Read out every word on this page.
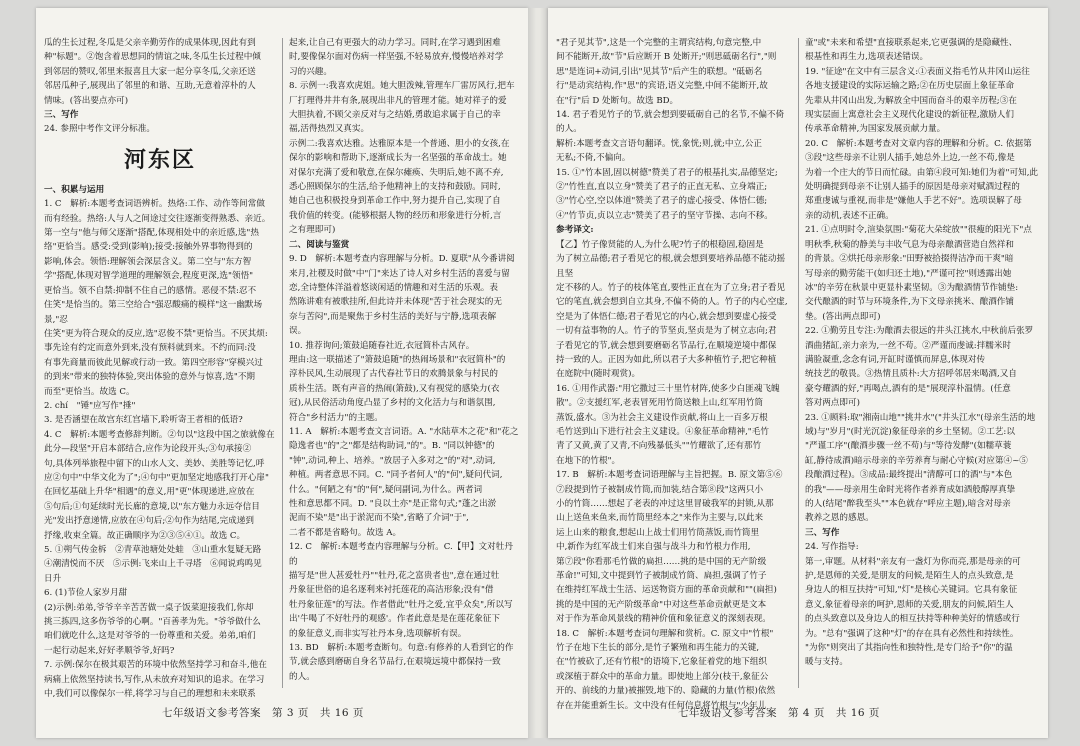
瓜的生长过程,冬瓜是父亲辛勤劳作的成果体现,因此有到

种"标题"。②饱含着思想同的情谊之味,冬瓜生长过程中倾

到邻居的赞叹,邻里来报喜且大家一起分享冬瓜,父亲还送

邻居瓜种子,展现出了邻里的和谐、互助,无意着淳朴的人

情味。(答出要点亦可)

三、写作

24. 参照中考作文评分标准。

河东区

一、积累与运用

1. C　解析:本题考查词语辨析。热烙:工作、动作等间常做

而有经验。热络:人与人之间途过交往逐渐变得熟悉、亲近。

第一空与"他与师父逐渐"搭配,体现相处中的亲近感,选"热

络"更恰当。感受:受到(影响);接受:接触外界事物得到的

影响,体会。领悟:理解领会深层含义。第二空与"东方智

学"搭配,体现对智学道理的理解领会,程度更深,选"领悟"

更恰当。领不自禁:抑制不住自己的感情。恶侵不禁:忍不

住笑"是恰当的。第三空给合"强忍酸痛的模样"这一幽默场景,"忍

住笑"更为符合现众的反应,选"忍俊不禁"更恰当。不厌其烦:

事先诠有约定而意外到来,没有预料就到来。不约而同:没

有事先商量而彼此见解或行动一致。第四空形容"穿模兴过

的到来"带来的独特体验,突出体验的意外与惊喜,选"不期

而至"更恰当。故选 C。

2. chí　"锤"应写作"捶"

3. 是否涵望在故宫东红宫墙下,聆听寄王者相的低语?

4. C　解析:本题考查修辞判断。②句以"这段中国之旅就像在

此分—段坚"开启本部结合,应作为论段开头;③句承接②

句,具体列举旅程中留下的山水人文、美妙、美胜等记忆,呼

应②句中"中华文化为了";④句中"更加坚定地感我打开心扉"

在回忆基础上升华"相遇"的意义,用"更"体现递进,应放在

⑤句后;①句延续时光长廊的意境,以"东方魅力永远夺信目

光"发出抒意递情,应放在④句后;②句作为结尾,完成递到

抒缘,收束全篇。故正确顺序为②③⑤④①。故选 C。

5. ①朔气传金柝　②青草池塘处处蛙　③山重水复疑无路

④潮清悦而不厌　⑤示例:飞来山上千寻塔　⑥闻说鸡鸣见

日升

6. (1)节俭人家岁月甜

(2)示例:弟弟,爷爷辛辛苦苦做一桌子饭菜迎接我们,你却

挑三拣四,这多伤爷爷的心啊。"百善孝为先。"爷爷做什么

咱们就吃什么,这是对爷爷的一份尊重和关爱。弟弟,咱们

一起行动起来,好好孝顺爷爷,好吗?

7. 示例:保尔在极其艰苦的环境中依然坚持学习和奋斗,他在

病痛上依然坚持读书,写作,从未放弃对知识的追求。在学习

中,我们可以像保尔一样,将学习与自己的理想和未来联系

起来,让自己有更强大的动力学习。同时,在学习遇到困难

时,要像保尔面对伤病一样坚强,不轻易放弃,慢慢培养对学

习的兴趣。

8. 示例一:我喜欢虎姐。她大胆泼辣,管理车厂雷厉风行,把车

厂打理得井井有条,展现出非凡的管理才能。她对祥子的爱

大胆执着,不顾父亲反对与之结婚,勇敢追求属于自己的幸

福,活得热烈又真实。

示例二:我喜欢达雅。达雅原本是一个普通、胆小的女孩,在

保尔的影响和帮助下,逐渐成长为一名坚强的革命战士。她

对保尔充满了爱和敬意,在保尔瘫痪、失明后,她不离不弃,

悉心照顾保尔的生活,给予他精神上的支持和鼓励。同时,

她自己也积极投身到革命工作中,努力提升自己,实现了自

我价值的转变。(能够根据人物的经历和形象进行分析,言

之有理即可)

二、阅读与鉴赏

9. D　解析:本题考查内容理解与分析。D. 夏联"从今番讲阅

来月,社稷及时做"中"门"来达了诗人对乡村生活的喜爱与留

恋,全诗整体洋溢着悠谈闲适的情趣和对生活的乐观。表

然陈讲难有被歌挂所,但此诗并未体现"苦于社会现实的无

奈与苦闷",而是聚焦于乡村生活的美好与宁静,选项表解

误。

10. 推荐询问;策鼓追随春社近,衣冠简朴古风存。

理由:这一联描述了"箫鼓追随"的热闹场景和"衣冠简朴"的

淳朴民风,生动展现了古代春社节日的欢腾景象与村民的

质朴生活。既有声音的热闹(箫鼓),又有视觉的感染力(衣

冠),从民俗活动角度凸显了乡村的文化活力与和谐氛围,

符合"乡村活力"的主题。

11. A　解析:本题考查文言词语。A. "水陆草木之花"和"花之

隐逸者也"的"之"都是结构助词,"的"。B. "同以钟德"的

"钟",动词,种上、培养。"放居子入多对之"的"对",动词,

种植。两者意思不同。C. "同予者何人"的"何",疑问代词,

什么。"何陋之有"的"何",疑问副词,为什么。两者词

性和意思都不同。D. "良以土亦"是正常句式;"蓬之出淤

泥而不染"是"出于淤泥而不染",省略了介词"于",

二者不都是省略句。故选 A。

12. C　解析:本题考查内容理解与分析。C.【甲】文对牡丹的

描写是"世人甚爱牡丹""牡丹,花之富贵者也",意在通过牡

丹象征世俗的追名逐利来衬托莲花的高洁形象;没有"借

牡丹象征莲"的写法。作者借此"牡丹之爱,宜乎众矣",所以写

出'牛喝了不好牡丹的观感'。作者此意是是在莲花象征下

的象征意义,而非实写社丹本身,选项解析有误。

13. BD　解析:本题考查断句。句意:有修养的人看到它的作

节,就会感到磨砺自身名节品行,在艰境远境中都保持一致

的人。

七年级语文参考答案　第 3 页　共 16 页

"君子见其节",这是一个完整的主谓宾结构,句意完整,中

间不能断开,故"节"后应断开 B 处断开;"则思砥砺名行","则

思"是连词+动词,引出"见其节"后产生的联想。"砥砺名

行"是动宾结构,作"思"的宾语,语义完整,中间不能断开,故

在"行"后 D 处断句。故选 BD。

14. 君子看见竹子的节,就会想到要砥砺自己的名节,不偏不倚的人。

解析:本题考查文言语句翻译。恍,象恍;则,就;中立,公正

无私;不倚,不偏向。

15. ①"竹本固,固以树德"赞美了君子的根基扎实,品德坚定;

②"竹性直,直以立身"赞美了君子的正直无私、立身端正;

③"竹心空,空以体道"赞美了君子的虚心接受、体悟仁德;

④"竹节贞,贞以立志"赞美了君子的坚守节操、志向不移。

参考译文:

【乙】竹子像贤能的人,为什么呢?竹子的根稳固,稳固是

为了树立品德;君子看见它的根,就会想到要培养品德不能动摇且坚

定不移的人。竹子的枝体笔直,要性正直在为了立身;君子看见

它的笔直,就会想到自立其身,不偏不倚的人。竹子的内心空虚,

空是为了体悟仁德;君子看见它的内心,就会想到要虚心接受

一切有益事物的人。竹子的节坚贞,坚贞是为了树立志向;君

子看见它的节,就会想到要磨砺名节品行,在顺境逆境中都保

持一致的人。正因为如此,所以君子大多种植竹子,把它种植

在庭院中(随时观赏)。

16. ①用作武器:"用它撒过三十里竹材阵,使多少白匪魂飞魄

散"。②支援红军,老表冒死用竹筒送粮上山,红军用竹筒

蒸饭,盛水。③为社会主义建设作贡献,将山上一百多万根

毛竹送到山下进行社会主义建设。④象征革命精神,"毛竹

青了又黄,黄了又青,不向残暴低头""竹耀欲了,还有那竹

在地下的竹根"。

17. B　解析:本题考查词语理解与主旨把握。B. 原文第⑤⑥

⑦段提到竹子被制成竹筒,而加装,结合第⑧段"这两只小

小的竹筒……想起了老表的冲过这里冒破我军的封锁,从那

山上送鱼来鱼来,而竹筒里经本之"来作为主要与,以此来

运上山来的粮食,想起山上战士们用竹筒蒸饭,而竹筒里

中,新作为红军战士们来自强与战斗力和竹根力作用,

第⑦段"你看那毛竹做的扁担……挑的是中国的无产阶级

革命!"可知,文中提到竹子被制成竹筒、扁担,强调了竹子

在维持红军战士生活、运送物资方面的革命贡献和""(扁担)

挑的是中国的无产阶级革命"中对这些革命贡献更是文本

对于作为革命风景线的精神价值和象征意义的深刻表现。

18. C　解析:本题考查词句理解和赏析。C. 原文中"竹根"

竹子在地下生长的部分,是竹子繁殖和再生能力的关键,

在"竹被砍了,还有竹根"的语境下,它象征着党的地下组织

或深植于群众中的革命力量。即使地上部分(枝干,象征公

开的、前线的力量)被摧毁,地下的、隐藏的力量(竹根)依然

存在并能重新生长。文中没有任何信息将竹根与"少年儿

童"或"未来和希望"直接联系起来,它更强调的是隐藏性、

根基性和再生力,选项表述错误。

19. "征途"在文中有三层含义:①表面义指毛竹从井冈山运往

各地支援建设的实际运输之路;②在历史层面上象征革命

先辈从井冈山出发,为解放全中国而奋斗的艰辛历程;③在

现实层面上寓意社会主义现代化建设的新征程,激励人们

传承革命精神,为国家发展贡献力量。

20. C　解析:本题考查对文章内容的理解和分析。C. 依据第

③段"这些母亲不让别人插手,她总外上边,一丝不苟,像是

为着一个庄大的节日而忙碌。由第④段可知:她们为着"可知,此

处明确提到母亲不让别人插手的原因是母亲对赋酒过程的

郑重虔诚与重视,而非是"嫌他人手艺不好"。选项误解了母

亲的动机,表述不正确。

21. ①点明时令,渲染氛围:"菊花大朵绽放""很瘦的阳光下"点

明秋季,秋菊的静美与丰收气息为母亲酿酒营造自然祥和

的背景。②烘托母亲形象:"田野被拾掇得洁净而干爽"暗

写母亲的勤劳能干(如归还土地),"严谨可控"则透露出她

冰"的辛劳在秋景中更显朴素坚韧。③为酿酒情节作铺垫:

交代酿酒的时节与环境条件,为下文母亲挑米、酿酒作铺

垫。(答出两点即可)

22. ①勤劳且专注:为酿酒去很远的井头江挑水,中秋前后张罗

酒曲猪缸,亲力亲为,一丝不苟。②严谨而虔诚:拌糯米时

满脸凝重,念念有词,开缸时谨慎而屏息,体现对传

统技艺的敬畏。③热情且质朴:大方招呼邻居来喝酒,又自

豪夸耀酒的好,"再喝点,酒有的是"展现淳朴温情。(任意

答对两点即可)

23. ①顾料:取"湘南山地""挑井水"("井头江水"(母亲生活的地

域)与"岁月"(时光沉淀)象征母亲的乡土坚韧。②工艺:以

"严谨工序"(酿酒步骤一丝不苟)与"等待发酵"(如糯草蓑

缸,静待成酒)暗示母亲的辛劳养育与耐心守候(对应第④~⑤

段酿酒过程)。③成品:最终提出"清醇可口的酒"与"本色

的我"——母亲用生命时光将作者养育成如酒般醇厚真挚

的人(结尾"醉我至头""本色就存"呼应主题),暗含对母亲

教养之恩的感恩。

三、写作

24. 写作指导:

第一,审题。从材料"亲友有一盏灯为你而亮,那是母亲的可

护,是恩师的关爱,是朋友的问候,是陌生人的点头致意,是

身边人的相互扶持"可知,"灯"是核心关键词。它具有象征

意义,象征着母亲的呵护,恩师的关爱,朋友的问候,陌生人

的点头致意以及身边人的相互扶持等种种美好的情感或行

为。"总有"强调了这种"灯"的存在具有必然性和持续性。

"为你"则突出了其指向性和独特性,是专门给予"你"的温

暖与支持。

七年级语文参考答案　第 4 页　共 16 页
